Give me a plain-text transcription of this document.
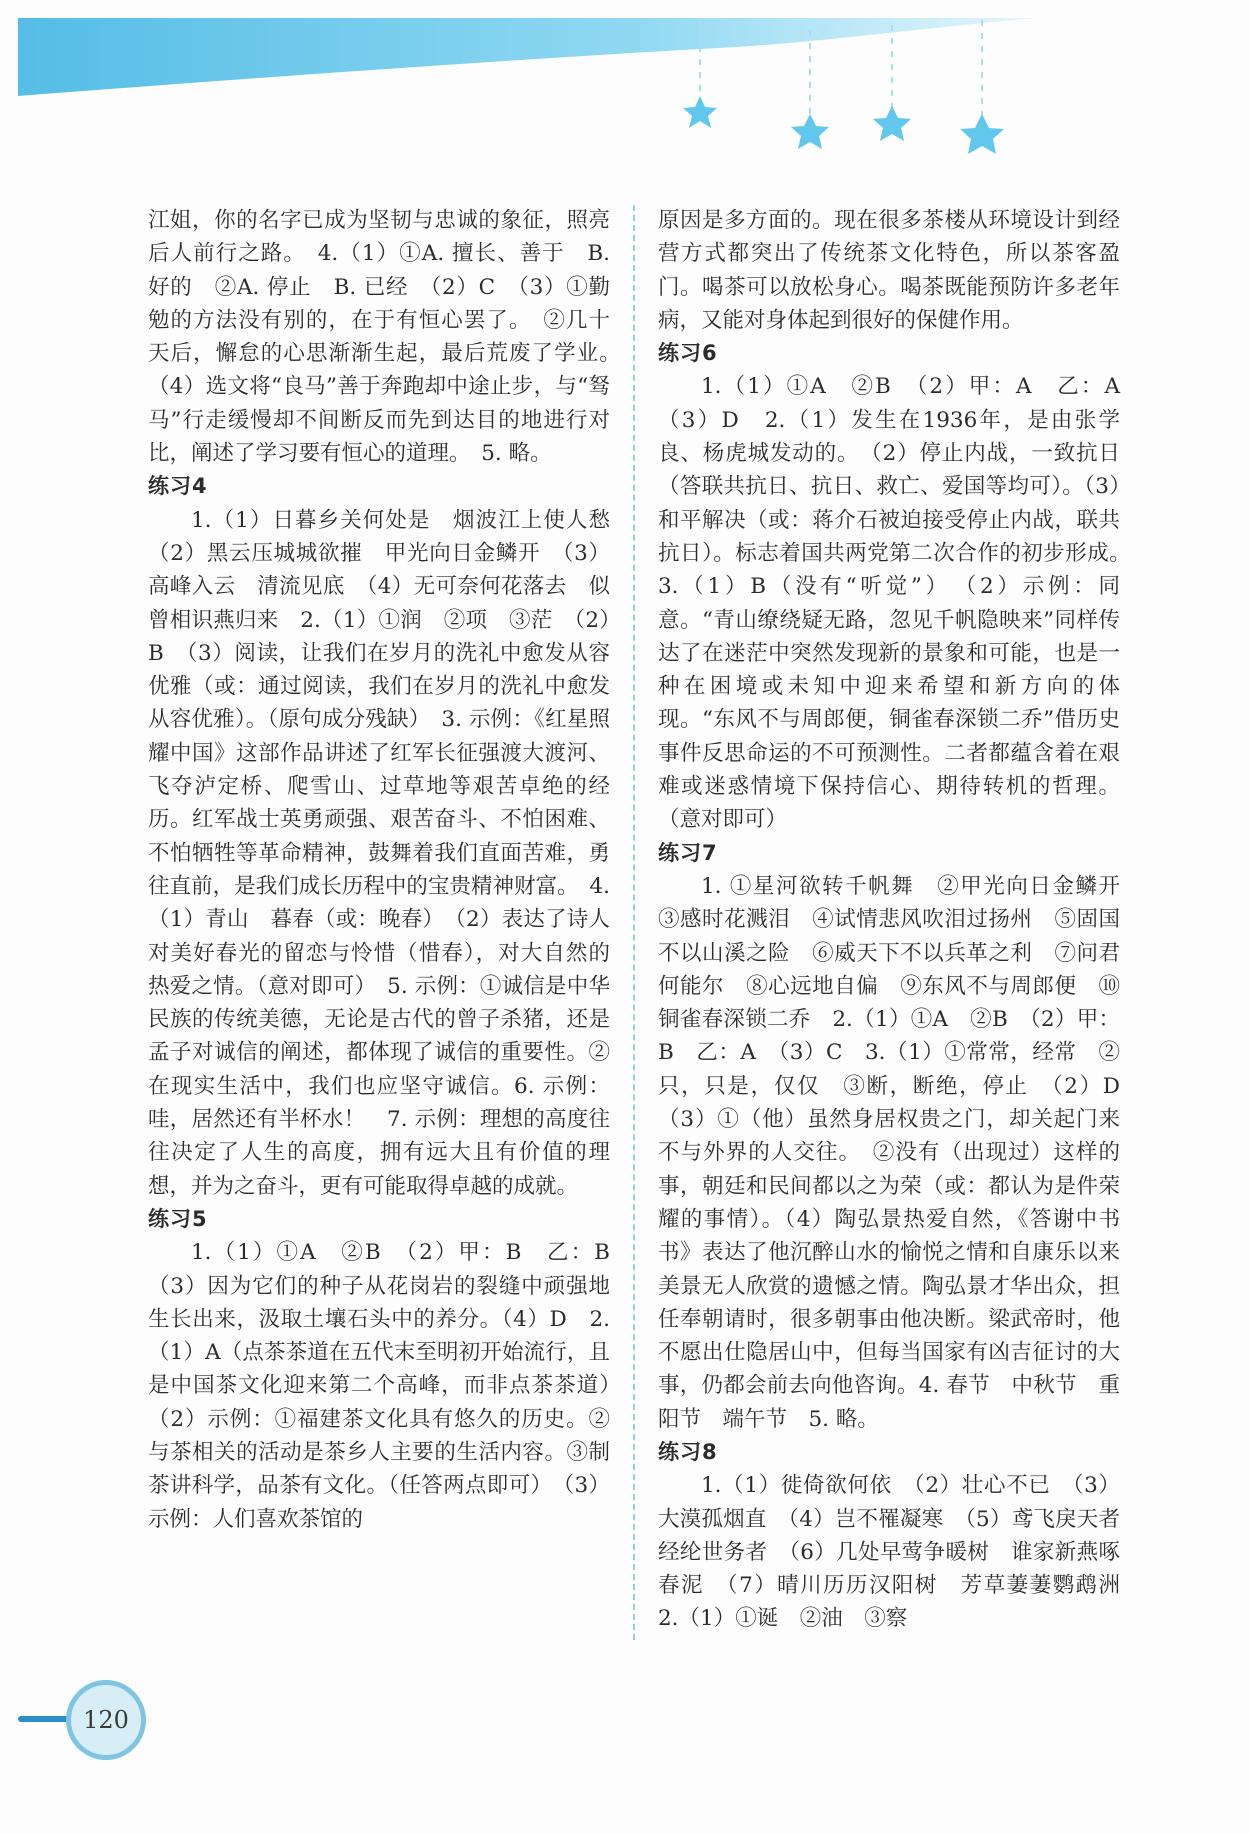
江姐，你的名字已成为坚韧与忠诚的象征，照亮后人前行之路。　4.（1）①A. 擅长、善于　B. 好的　②A. 停止　B. 已经　（2）C　（3）①勤勉的方法没有别的，在于有恒心罢了。　②几十天后，懈怠的心思渐渐生起，最后荒废了学业。　（4）选文将“良马”善于奔跑却中途止步，与“驽马”行走缓慢却不间断反而先到达目的地进行对比，阐述了学习要有恒心的道理。　5. 略。

练习4

1.（1）日暮乡关何处是　烟波江上使人愁　（2）黑云压城城欲摧　甲光向日金鳞开　（3）高峰入云　清流见底　（4）无可奈何花落去　似曾相识燕归来　2.（1）①润　②项　③茫　（2）B　（3）阅读，让我们在岁月的洗礼中愈发从容优雅（或：通过阅读，我们在岁月的洗礼中愈发从容优雅）。（原句成分残缺）　3. 示例：《红星照耀中国》这部作品讲述了红军长征强渡大渡河、飞夺泸定桥、爬雪山、过草地等艰苦卓绝的经历。红军战士英勇顽强、艰苦奋斗、不怕困难、不怕牺牲等革命精神，鼓舞着我们直面苦难，勇往直前，是我们成长历程中的宝贵精神财富。　4.（1）青山　暮春（或：晚春）　（2）表达了诗人对美好春光的留恋与怜惜（惜春），对大自然的热爱之情。（意对即可）　5. 示例：①诚信是中华民族的传统美德，无论是古代的曾子杀猪，还是孟子对诚信的阐述，都体现了诚信的重要性。②在现实生活中，我们也应坚守诚信。6. 示例：哇，居然还有半杯水！　7. 示例：理想的高度往往决定了人生的高度，拥有远大且有价值的理想，并为之奋斗，更有可能取得卓越的成就。

练习5

1.（1）①A　②B　（2）甲：B　乙：B　（3）因为它们的种子从花岗岩的裂缝中顽强地生长出来，汲取土壤石头中的养分。（4）D　2.（1）A（点茶茶道在五代末至明初开始流行，且是中国茶文化迎来第二个高峰，而非点茶茶道）　（2）示例：①福建茶文化具有悠久的历史。②与茶相关的活动是茶乡人主要的生活内容。③制茶讲科学，品茶有文化。（任答两点即可）　（3）示例：人们喜欢茶馆的

原因是多方面的。现在很多茶楼从环境设计到经营方式都突出了传统茶文化特色，所以茶客盈门。喝茶可以放松身心。喝茶既能预防许多老年病，又能对身体起到很好的保健作用。

练习6

1.（1）①A　②B　（2）甲：A　乙：A　（3）D　2.（1）发生在1936年，是由张学良、杨虎城发动的。　（2）停止内战，一致抗日（答联共抗日、抗日、救亡、爱国等均可）。（3）和平解决（或：蒋介石被迫接受停止内战，联共抗日）。标志着国共两党第二次合作的初步形成。　3.（1）B（没有“听觉”）　（2）示例：同意。“青山缭绕疑无路，忽见千帆隐映来”同样传达了在迷茫中突然发现新的景象和可能，也是一种在困境或未知中迎来希望和新方向的体现。“东风不与周郎便，铜雀春深锁二乔”借历史事件反思命运的不可预测性。二者都蕴含着在艰难或迷惑情境下保持信心、期待转机的哲理。（意对即可）

练习7

1. ①星河欲转千帆舞　②甲光向日金鳞开　③感时花溅泪　④试情悲风吹泪过扬州　⑤固国不以山溪之险　⑥威天下不以兵革之利　⑦问君何能尔　⑧心远地自偏　⑨东风不与周郎便　⑩铜雀春深锁二乔　2.（1）①A　②B　（2）甲：B　乙：A　（3）C　3.（1）①常常，经常　②只，只是，仅仅　③断，断绝，停止　（2）D　（3）①（他）虽然身居权贵之门，却关起门来不与外界的人交往。　②没有（出现过）这样的事，朝廷和民间都以之为荣（或：都认为是件荣耀的事情）。（4）陶弘景热爱自然，《答谢中书书》表达了他沉醉山水的愉悦之情和自康乐以来美景无人欣赏的遗憾之情。陶弘景才华出众，担任奉朝请时，很多朝事由他决断。梁武帝时，他不愿出仕隐居山中，但每当国家有凶吉征讨的大事，仍都会前去向他咨询。4. 春节　中秋节　重阳节　端午节　5. 略。

练习8

1.（1）徙倚欲何依　（2）壮心不已　（3）大漠孤烟直　（4）岂不罹凝寒　（5）鸢飞戾天者　经纶世务者　（6）几处早莺争暖树　谁家新燕啄春泥　（7）晴川历历汉阳树　芳草萋萋鹦鹉洲　2.（1）①诞　②油　③察

120
